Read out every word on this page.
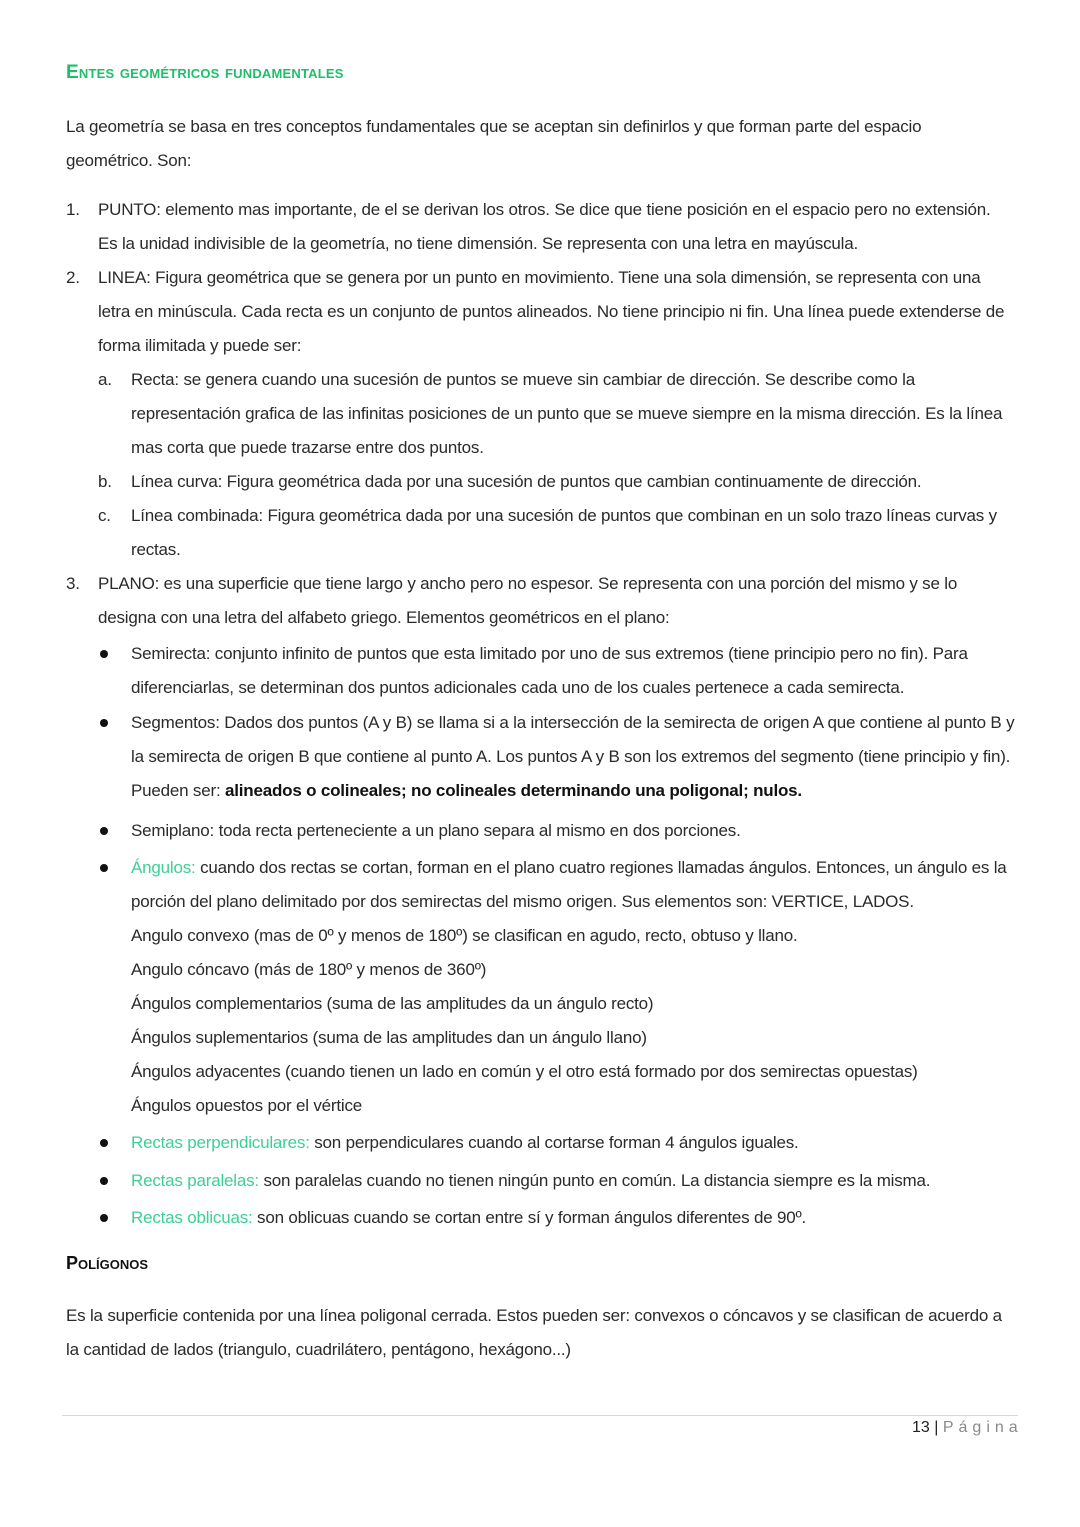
Entes geométricos fundamentales
La geometría se basa en tres conceptos fundamentales que se aceptan sin definirlos y que forman parte del espacio geométrico. Son:
1.	PUNTO: elemento mas importante, de el se derivan los otros. Se dice que tiene posición en el espacio pero no extensión. Es la unidad indivisible de la geometría, no tiene dimensión. Se representa con una letra en mayúscula.
2.	LINEA: Figura geométrica que se genera por un punto en movimiento. Tiene una sola dimensión, se representa con una letra en minúscula. Cada recta es un conjunto de puntos alineados. No tiene principio ni fin. Una línea puede extenderse de forma ilimitada y puede ser:
a.	Recta: se genera cuando una sucesión de puntos se mueve sin cambiar de dirección. Se describe como la representación grafica de las infinitas posiciones de un punto que se mueve siempre en la misma dirección. Es la línea mas corta que puede trazarse entre dos puntos.
b.	Línea curva: Figura geométrica dada por una sucesión de puntos que cambian continuamente de dirección.
c.	Línea combinada: Figura geométrica dada por una sucesión de puntos que combinan en un solo trazo líneas curvas y rectas.
3.	PLANO: es una superficie que tiene largo y ancho pero no espesor. Se representa con una porción del mismo y se lo designa con una letra del alfabeto griego. Elementos geométricos en el plano:
Semirecta: conjunto infinito de puntos que esta limitado por uno de sus extremos (tiene principio pero no fin). Para diferenciarlas, se determinan dos puntos adicionales cada uno de los cuales pertenece a cada semirecta.
Segmentos: Dados dos puntos (A y B) se llama si a la intersección de la semirecta de origen A que contiene al punto B y la semirecta de origen B que contiene al punto A. Los puntos A y B son los extremos del segmento (tiene principio y fin). Pueden ser: alineados o colineales; no colineales determinando una poligonal; nulos.
Semiplano: toda recta perteneciente a un plano separa al mismo en dos porciones.
Ángulos: cuando dos rectas se cortan, forman en el plano cuatro regiones llamadas ángulos. Entonces, un ángulo es la porción del plano delimitado por dos semirectas del mismo origen. Sus elementos son: VERTICE, LADOS.
Angulo convexo (mas de 0º y menos de 180º) se clasifican en agudo, recto, obtuso y llano.
Angulo cóncavo (más de 180º y menos de 360º)
Ángulos complementarios (suma de las amplitudes da un ángulo recto)
Ángulos suplementarios (suma de las amplitudes dan un ángulo llano)
Ángulos adyacentes (cuando tienen un lado en común y el otro está formado por dos semirectas opuestas)
Ángulos opuestos por el vértice
Rectas perpendiculares: son perpendiculares cuando al cortarse forman 4 ángulos iguales.
Rectas paralelas: son paralelas cuando no tienen ningún punto en común. La distancia siempre es la misma.
Rectas oblicuas: son oblicuas cuando se cortan entre sí y forman ángulos diferentes de 90º.
Polígonos
Es la superficie contenida por una línea poligonal cerrada. Estos pueden ser: convexos o cóncavos y se clasifican de acuerdo a la cantidad de lados (triangulo, cuadrilátero, pentágono, hexágono...)
13 | Página
